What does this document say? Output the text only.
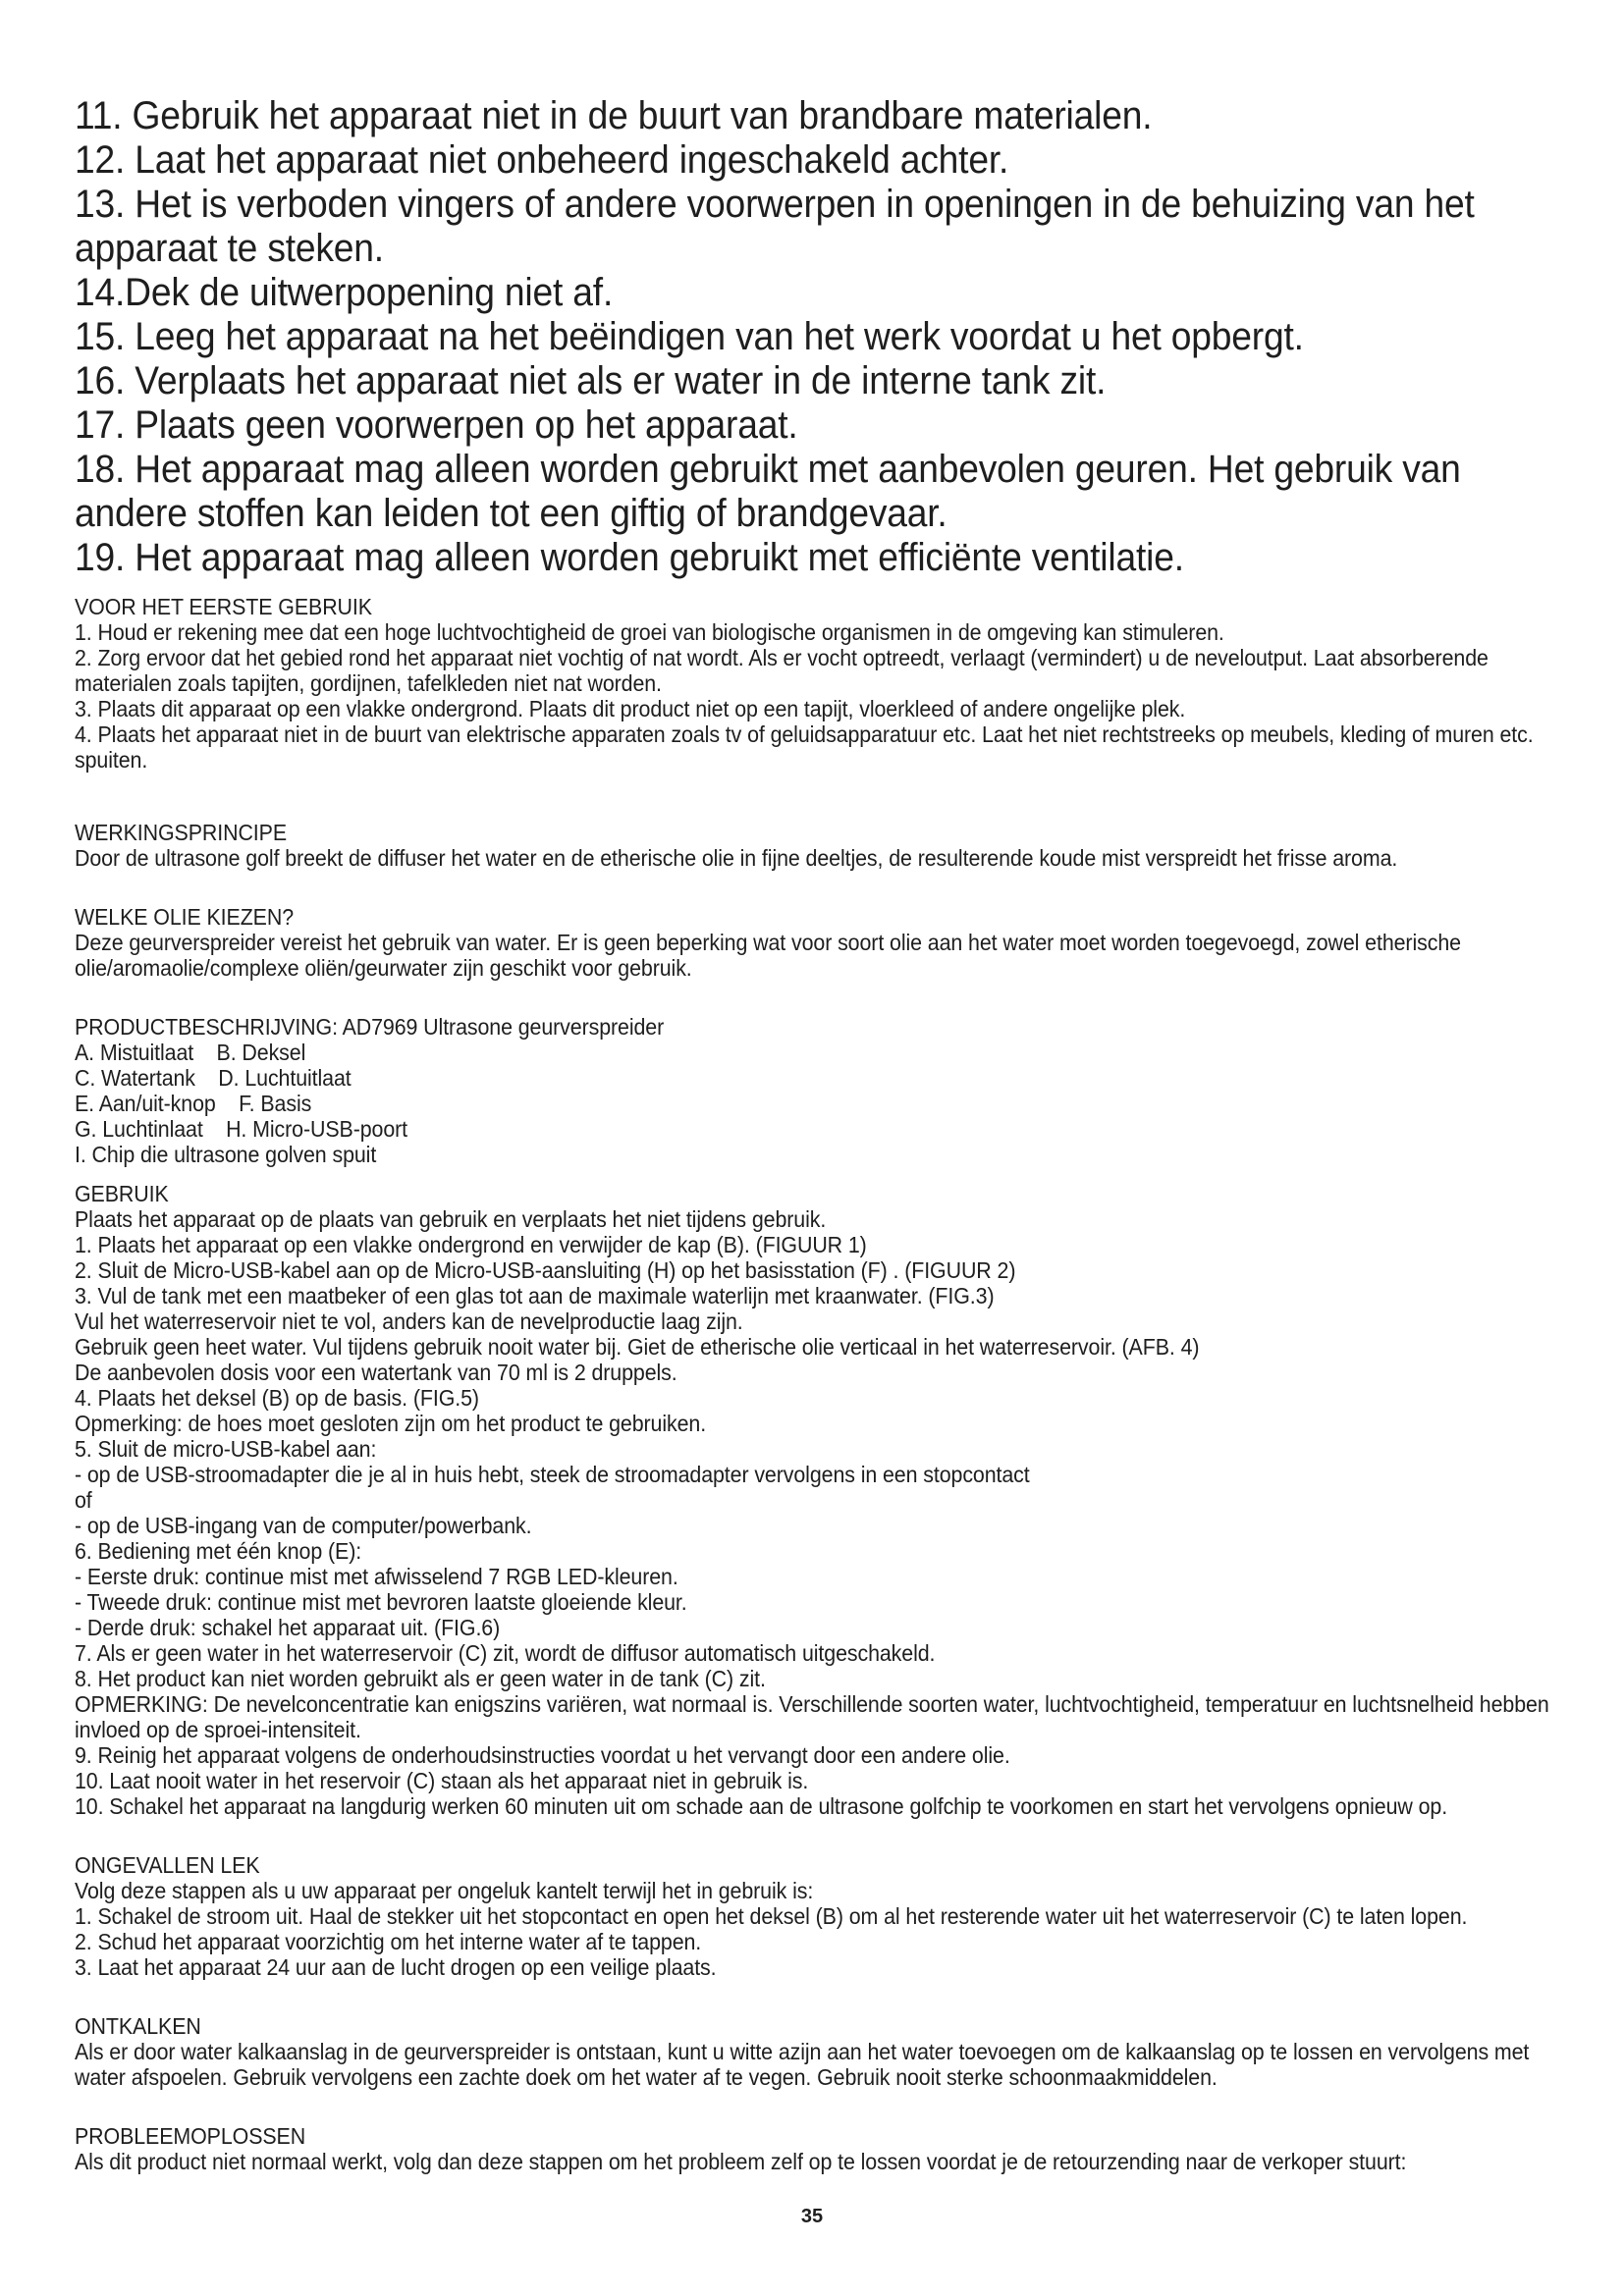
11. Gebruik het apparaat niet in de buurt van brandbare materialen.

12. Laat het apparaat niet onbeheerd ingeschakeld achter.

13. Het is verboden vingers of andere voorwerpen in openingen in de behuizing van het apparaat te steken.

14.Dek de uitwerpopening niet af.

15. Leeg het apparaat na het beëindigen van het werk voordat u het opbergt.

16. Verplaats het apparaat niet als er water in de interne tank zit.

17. Plaats geen voorwerpen op het apparaat.

18. Het apparaat mag alleen worden gebruikt met aanbevolen geuren. Het gebruik van andere stoffen kan leiden tot een giftig of brandgevaar.

19. Het apparaat mag alleen worden gebruikt met efficiënte ventilatie.

VOOR HET EERSTE GEBRUIK

1. Houd er rekening mee dat een hoge luchtvochtigheid de groei van biologische organismen in de omgeving kan stimuleren.

2. Zorg ervoor dat het gebied rond het apparaat niet vochtig of nat wordt. Als er vocht optreedt, verlaagt (vermindert) u de neveloutput. Laat absorberende materialen zoals tapijten, gordijnen, tafelkleden niet nat worden.

3. Plaats dit apparaat op een vlakke ondergrond. Plaats dit product niet op een tapijt, vloerkleed of andere ongelijke plek.

4. Plaats het apparaat niet in de buurt van elektrische apparaten zoals tv of geluidsapparatuur etc. Laat het niet rechtstreeks op meubels, kleding of muren etc. spuiten.

WERKINGSPRINCIPE

Door de ultrasone golf breekt de diffuser het water en de etherische olie in fijne deeltjes, de resulterende koude mist verspreidt het frisse aroma.

WELKE OLIE KIEZEN?

Deze geurverspreider vereist het gebruik van water. Er is geen beperking wat voor soort olie aan het water moet worden toegevoegd, zowel etherische olie/aromaolie/complexe oliën/geurwater zijn geschikt voor gebruik.

PRODUCTBESCHRIJVING: AD7969 Ultrasone geurverspreider

A. Mistuitlaat    B. Deksel

C. Watertank    D. Luchtuitlaat

E. Aan/uit-knop    F. Basis

G. Luchtinlaat    H. Micro-USB-poort

I. Chip die ultrasone golven spuit

GEBRUIK

Plaats het apparaat op de plaats van gebruik en verplaats het niet tijdens gebruik.

1. Plaats het apparaat op een vlakke ondergrond en verwijder de kap (B). (FIGUUR 1)

2. Sluit de Micro-USB-kabel aan op de Micro-USB-aansluiting (H) op het basisstation (F) . (FIGUUR 2)

3. Vul de tank met een maatbeker of een glas tot aan de maximale waterlijn met kraanwater. (FIG.3)

Vul het waterreservoir niet te vol, anders kan de nevelproductie laag zijn.

Gebruik geen heet water. Vul tijdens gebruik nooit water bij. Giet de etherische olie verticaal in het waterreservoir. (AFB. 4)

De aanbevolen dosis voor een watertank van 70 ml is 2 druppels.

4. Plaats het deksel (B) op de basis. (FIG.5)

Opmerking: de hoes moet gesloten zijn om het product te gebruiken.

5. Sluit de micro-USB-kabel aan:

- op de USB-stroomadapter die je al in huis hebt, steek de stroomadapter vervolgens in een stopcontact

of

- op de USB-ingang van de computer/powerbank.

6. Bediening met één knop (E):

- Eerste druk: continue mist met afwisselend 7 RGB LED-kleuren.

- Tweede druk: continue mist met bevroren laatste gloeiende kleur.

- Derde druk: schakel het apparaat uit. (FIG.6)

7. Als er geen water in het waterreservoir (C) zit, wordt de diffusor automatisch uitgeschakeld.

8. Het product kan niet worden gebruikt als er geen water in de tank (C) zit.

OPMERKING: De nevelconcentratie kan enigszins variëren, wat normaal is. Verschillende soorten water, luchtvochtigheid, temperatuur en luchtsnelheid hebben invloed op de sproei-intensiteit.

9. Reinig het apparaat volgens de onderhoudsinstructies voordat u het vervangt door een andere olie.

10. Laat nooit water in het reservoir (C) staan als het apparaat niet in gebruik is.

10. Schakel het apparaat na langdurig werken 60 minuten uit om schade aan de ultrasone golfchip te voorkomen en start het vervolgens opnieuw op.

ONGEVALLEN LEK

Volg deze stappen als u uw apparaat per ongeluk kantelt terwijl het in gebruik is:

1. Schakel de stroom uit. Haal de stekker uit het stopcontact en open het deksel (B) om al het resterende water uit het waterreservoir (C) te laten lopen.

2. Schud het apparaat voorzichtig om het interne water af te tappen.

3. Laat het apparaat 24 uur aan de lucht drogen op een veilige plaats.

ONTKALKEN

Als er door water kalkaanslag in de geurverspreider is ontstaan, kunt u witte azijn aan het water toevoegen om de kalkaanslag op te lossen en vervolgens met water afspoelen. Gebruik vervolgens een zachte doek om het water af te vegen. Gebruik nooit sterke schoonmaakmiddelen.

PROBLEEMOPLOSSEN

Als dit product niet normaal werkt, volg dan deze stappen om het probleem zelf op te lossen voordat je de retourzending naar de verkoper stuurt:

35
